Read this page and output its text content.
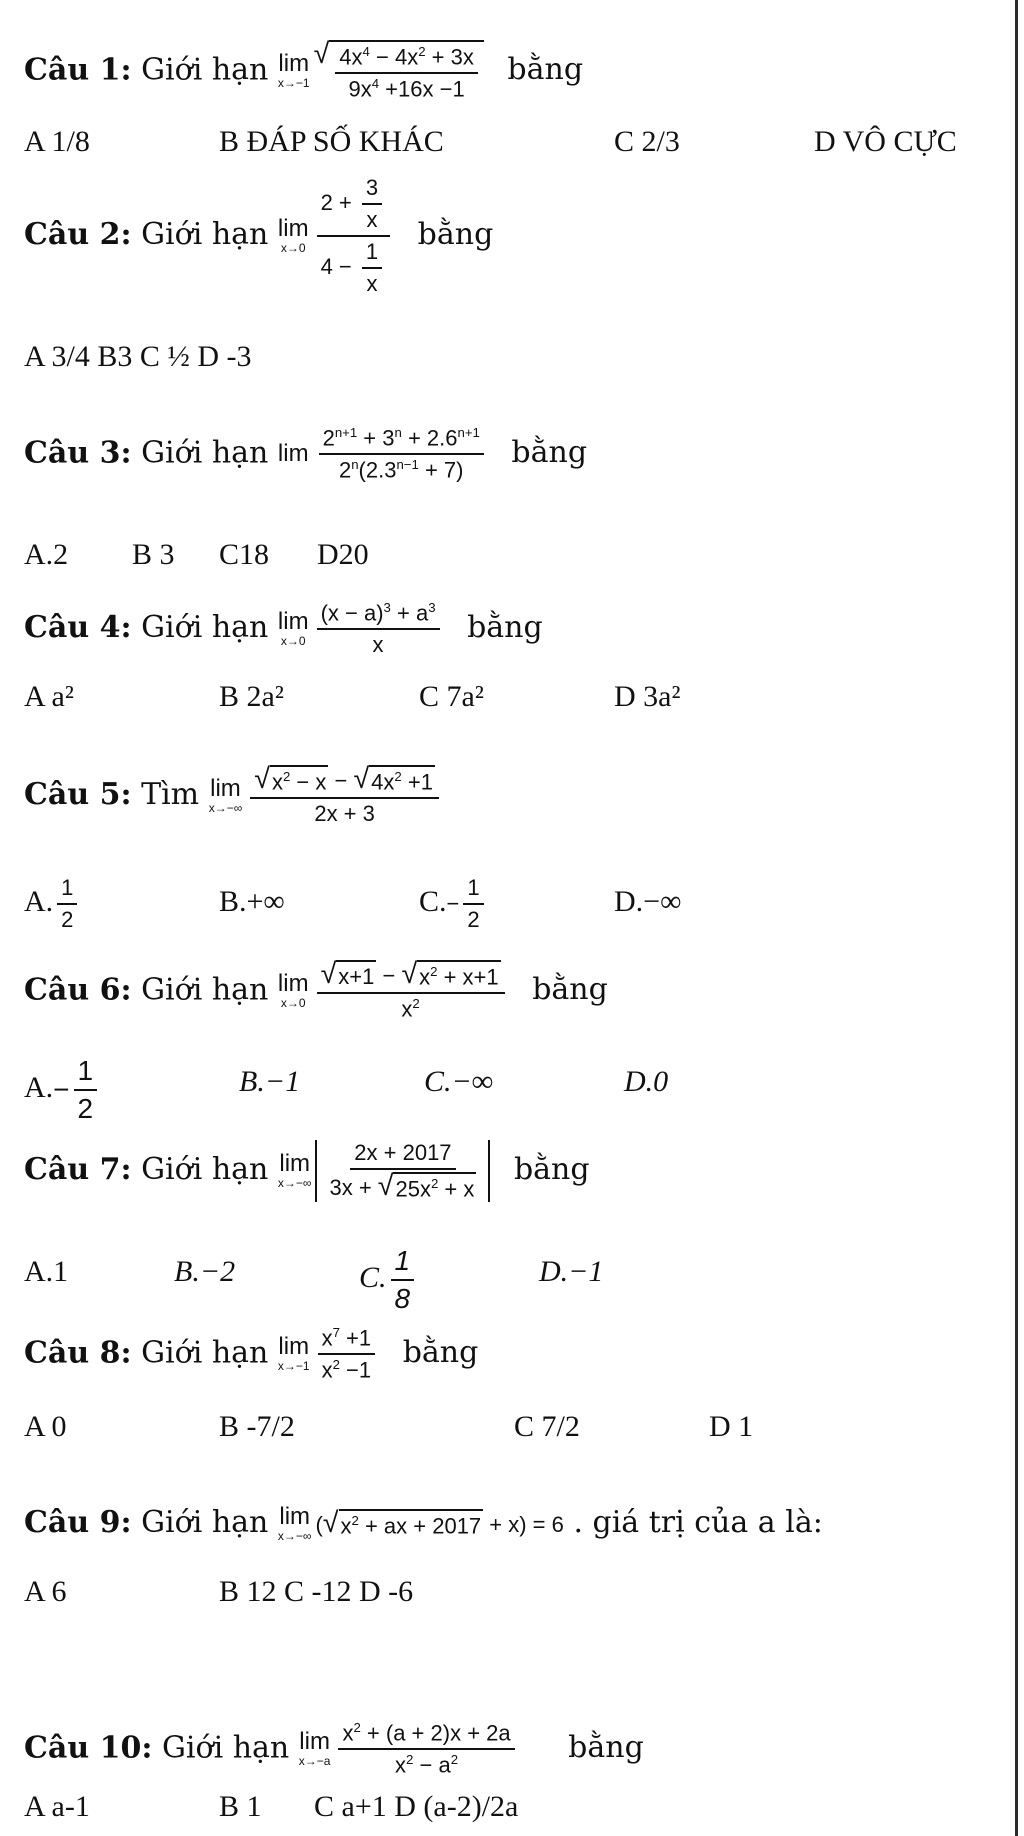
Câu 1: Giới hạn lim
x→−1
√ $\frac{4x^4 - 4x^2 + 3x}{9x^4 +16x -1}$ bằng
A 1/8	B ĐÁP SỐ KHÁC	C 2/3	D VÔ CỰC
Câu 2: Giới hạn lim
$x\to 0 \frac{2 + \frac{3}{x}}{4 - \frac{1}{x}}$ bằng
A 3/4 B3 C ½ D -3
Câu 3: Giới hạn $\lim \frac{2^{n+1} + 3^n + 2.6^{n+1}}{2^n(2.3^{n-1} + 7)}$ bằng
A.2 B 3 C18 D20
Câu 4: Giới hạn lim
$x\to 0 \frac{(x - a)^3 + a^3}{x}$ bằng
A a²	B 2a²	C 7a²	D 3a²
Câu 5: Tìm lim
$x\to-\infty \frac{√ x^2 - x - √ 4x^2 +1}{2x + 3}$
A. $\frac{1}{2}$	B.+∞	$C.- \frac{1}{2}$	D.−∞
Câu 6: Giới hạn lim
$x\to 0 \frac{√ x+1 - √ x^2 + x+1}{x^2}$ bằng
$A.- \frac{1}{2}$	B.−1	C.−∞	D.0
Câu 7: Giới hạn lim
$x\to-\infty \frac{2x + 2017}{3x + √ 25x^2 + x}$ bằng
A.1	B.−2	C. $\frac{1}{8}$	D.−1
Câu 8: Giới hạn lim
$x\to-1 \frac{x^7 +1}{x^2 -1}$ bằng
A 0	B -7/2	C 7/2	D 1
Câu 9: Giới hạn lim
x→−∞ ( √ $x^2$ + ax + 2017 + x) = 6 . giá trị của a là:
A 6	B 12 C -12 D -6
Câu 10: Giới hạn lim
$x\to-a \frac{x^2 + (a + 2)x + 2a}{x^2 - a^2}$ bằng
A a-1	B 1 C a+1 D (a-2)/2a
